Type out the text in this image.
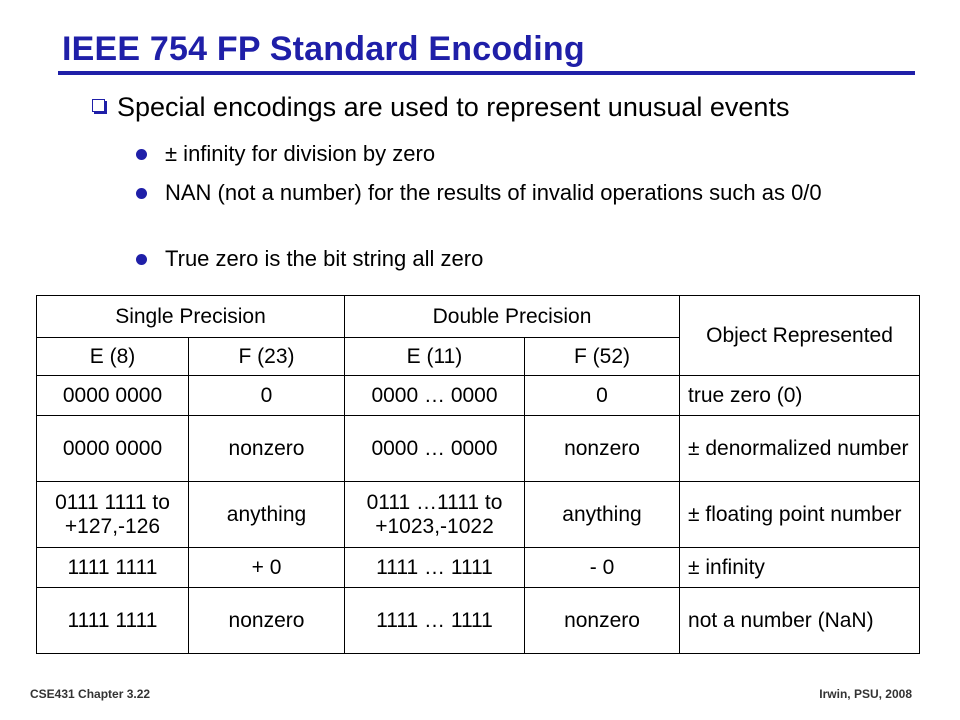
IEEE 754 FP Standard Encoding
Special encodings are used to represent unusual events
± infinity for division by zero
NAN (not a number) for the results of invalid operations such as 0/0
True zero is the bit string all zero
Single Precision		Double Precision		Object Represented
E (8)	F (23)	E (11)	F (52)	
0000 0000	0	0000 … 0000	0	true zero (0)
0000 0000	nonzero	0000 … 0000	nonzero	± denormalized number
0111 1111 to +127,-126	anything	0111 …1111 to +1023,-1022	anything	± floating point number
1111 1111	+ 0	1111 … 1111	- 0	± infinity
1111 1111	nonzero	1111 … 1111	nonzero	not a number (NaN)
CSE431 Chapter 3.22	Irwin, PSU, 2008
